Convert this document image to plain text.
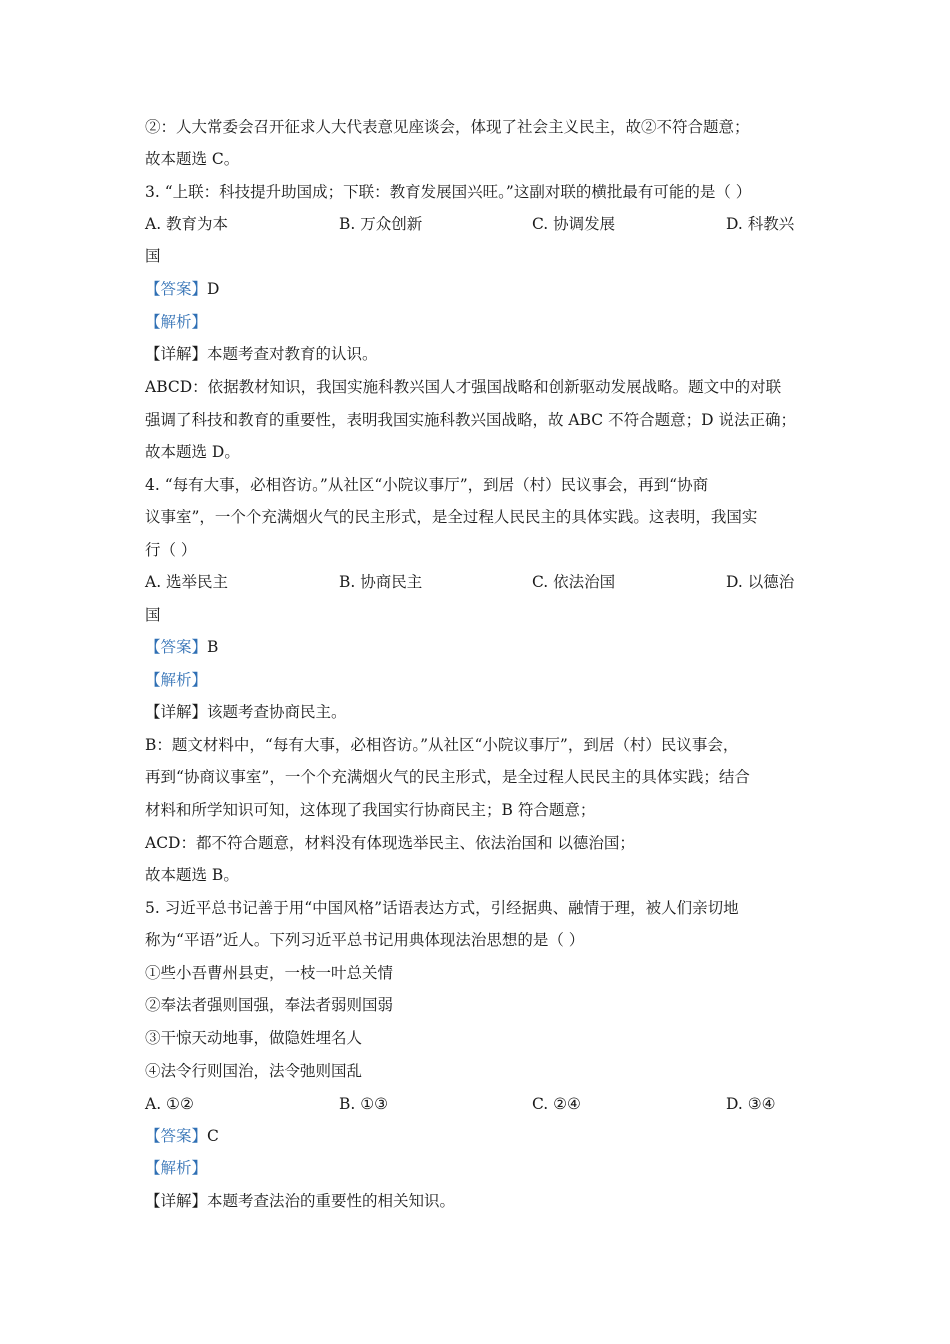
②：人大常委会召开征求人大代表意见座谈会，体现了社会主义民主，故②不符合题意；
故本题选 C。
3. “上联：科技提升助国成；下联：教育发展国兴旺。”这副对联的横批最有可能的是（ ）
A. 教育为本	B. 万众创新	C. 协调发展	D. 科教兴
国
【答案】D
【解析】
【详解】本题考查对教育的认识。
ABCD：依据教材知识，我国实施科教兴国人才强国战略和创新驱动发展战略。题文中的对联
强调了科技和教育的重要性，表明我国实施科教兴国战略，故 ABC 不符合题意；D 说法正确；
故本题选 D。
4. “每有大事，必相咨访。”从社区“小院议事厅”，到居（村）民议事会，再到“协商
议事室”，一个个充满烟火气的民主形式，是全过程人民民主的具体实践。这表明，我国实
行（ ）
A. 选举民主	B. 协商民主	C. 依法治国	D. 以德治
国
【答案】B
【解析】
【详解】该题考查协商民主。
B：题文材料中，“每有大事，必相咨访。”从社区“小院议事厅”，到居（村）民议事会，
再到“协商议事室”，一个个充满烟火气的民主形式，是全过程人民民主的具体实践；结合
材料和所学知识可知，这体现了我国实行协商民主；B 符合题意；
ACD：都不符合题意，材料没有体现选举民主、依法治国和 以德治国；
故本题选 B。
5. 习近平总书记善于用“中国风格”话语表达方式，引经据典、融情于理，被人们亲切地
称为“平语”近人。下列习近平总书记用典体现法治思想的是（ ）
①些小吾曹州县吏，一枝一叶总关情
②奉法者强则国强，奉法者弱则国弱
③干惊天动地事，做隐姓埋名人
④法令行则国治，法令弛则国乱
A. ①②	B. ①③	C. ②④	D. ③④
【答案】C
【解析】
【详解】本题考查法治的重要性的相关知识。
